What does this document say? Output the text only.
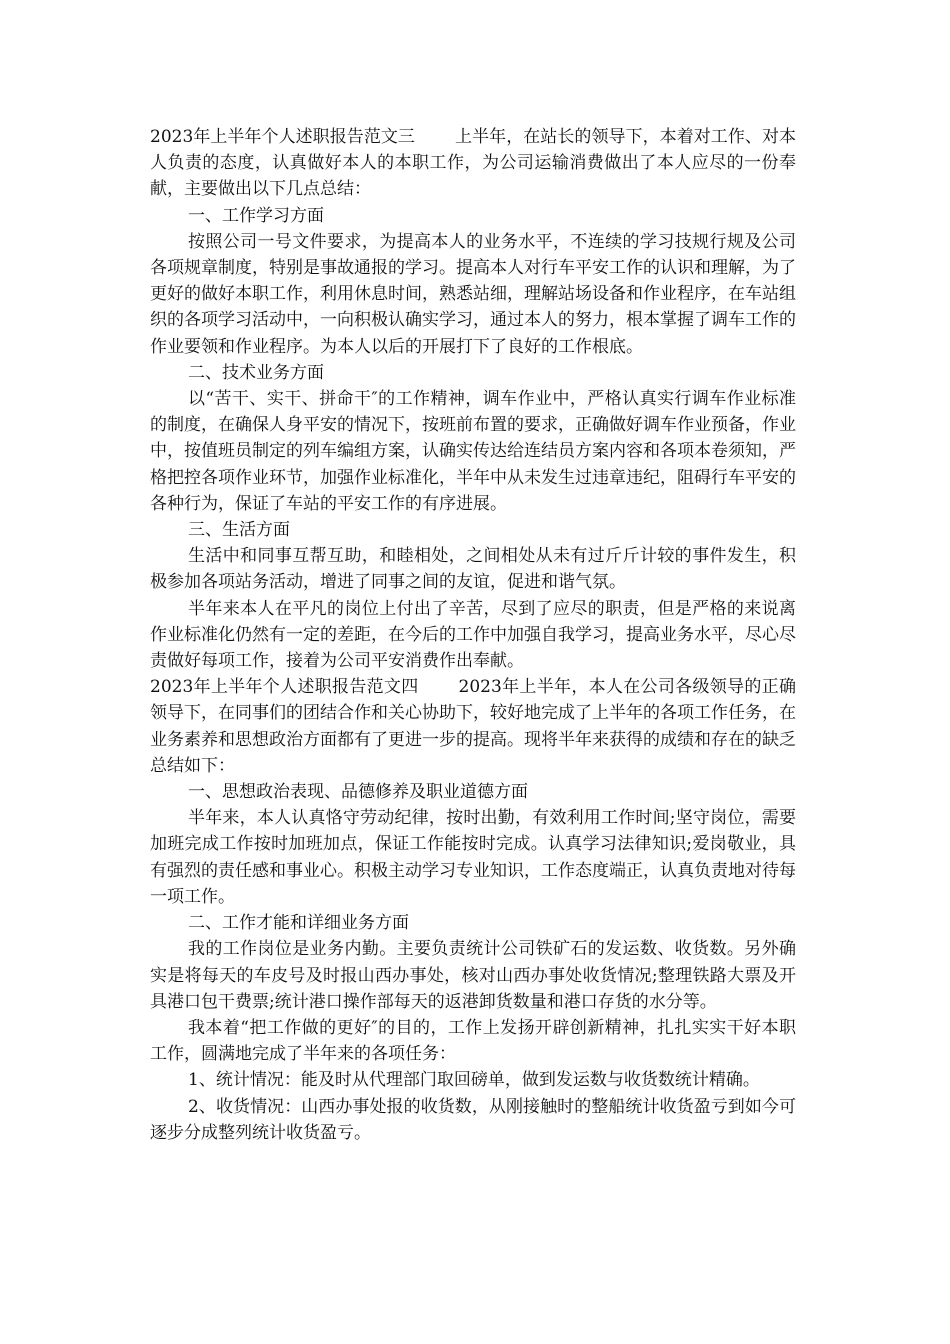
2023年上半年个人述职报告范文三 上半年，在站长的领导下，本着对工作、对本人负责的态度，认真做好本人的本职工作，为公司运输消费做出了本人应尽的一份奉献，主要做出以下几点总结：

一、工作学习方面

按照公司一号文件要求，为提高本人的业务水平，不连续的学习技规行规及公司各项规章制度，特别是事故通报的学习。提高本人对行车平安工作的认识和理解，为了更好的做好本职工作，利用休息时间，熟悉站细，理解站场设备和作业程序，在车站组织的各项学习活动中，一向积极认确实学习，通过本人的努力，根本掌握了调车工作的作业要领和作业程序。为本人以后的开展打下了良好的工作根底。

二、技术业务方面

以“苦干、实干、拼命干″的工作精神，调车作业中，严格认真实行调车作业标准的制度，在确保人身平安的情况下，按班前布置的要求，正确做好调车作业预备，作业中，按值班员制定的列车编组方案，认确实传达给连结员方案内容和各项本卷须知，严格把控各项作业环节，加强作业标准化，半年中从未发生过违章违纪，阻碍行车平安的各种行为，保证了车站的平安工作的有序进展。

三、生活方面

生活中和同事互帮互助，和睦相处，之间相处从未有过斤斤计较的事件发生，积极参加各项站务活动，增进了同事之间的友谊，促进和谐气氛。

半年来本人在平凡的岗位上付出了辛苦，尽到了应尽的职责，但是严格的来说离作业标准化仍然有一定的差距，在今后的工作中加强自我学习，提高业务水平，尽心尽责做好每项工作，接着为公司平安消费作出奉献。

2023年上半年个人述职报告范文四 2023年上半年，本人在公司各级领导的正确领导下，在同事们的团结合作和关心协助下，较好地完成了上半年的各项工作任务，在业务素养和思想政治方面都有了更进一步的提高。现将半年来获得的成绩和存在的缺乏总结如下：

一、思想政治表现、品德修养及职业道德方面

半年来，本人认真恪守劳动纪律，按时出勤，有效利用工作时间;坚守岗位，需要加班完成工作按时加班加点，保证工作能按时完成。认真学习法律知识;爱岗敬业，具有强烈的责任感和事业心。积极主动学习专业知识，工作态度端正，认真负责地对待每一项工作。

二、工作才能和详细业务方面

我的工作岗位是业务内勤。主要负责统计公司铁矿石的发运数、收货数。另外确实是将每天的车皮号及时报山西办事处，核对山西办事处收货情况;整理铁路大票及开具港口包干费票;统计港口操作部每天的返港卸货数量和港口存货的水分等。

我本着“把工作做的更好″的目的，工作上发扬开辟创新精神，扎扎实实干好本职工作，圆满地完成了半年来的各项任务：

1、统计情况：能及时从代理部门取回磅单，做到发运数与收货数统计精确。

2、收货情况：山西办事处报的收货数，从刚接触时的整船统计收货盈亏到如今可逐步分成整列统计收货盈亏。
